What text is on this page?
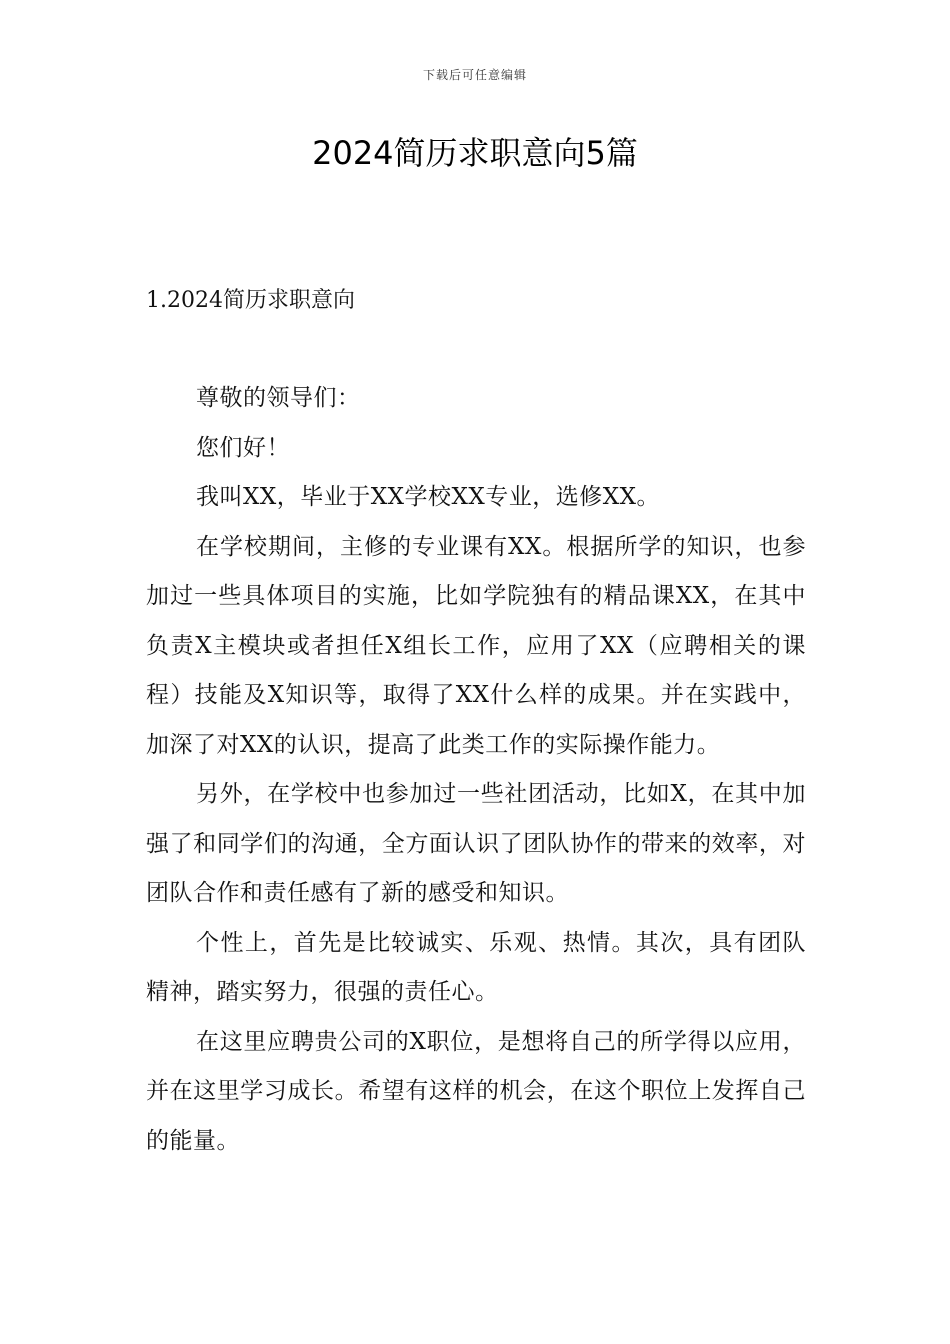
下载后可任意编辑
2024简历求职意向5篇
1.2024简历求职意向

尊敬的领导们：

您们好！

我叫XX，毕业于XX学校XX专业，选修XX。

在学校期间，主修的专业课有XX。根据所学的知识，也参加过一些具体项目的实施，比如学院独有的精品课XX，在其中负责X主模块或者担任X组长工作，应用了XX（应聘相关的课程）技能及X知识等，取得了XX什么样的成果。并在实践中，加深了对XX的认识，提高了此类工作的实际操作能力。

另外，在学校中也参加过一些社团活动，比如X，在其中加强了和同学们的沟通，全方面认识了团队协作的带来的效率，对团队合作和责任感有了新的感受和知识。

个性上，首先是比较诚实、乐观、热情。其次，具有团队精神，踏实努力，很强的责任心。

在这里应聘贵公司的X职位，是想将自己的所学得以应用，并在这里学习成长。希望有这样的机会，在这个职位上发挥自己的能量。
